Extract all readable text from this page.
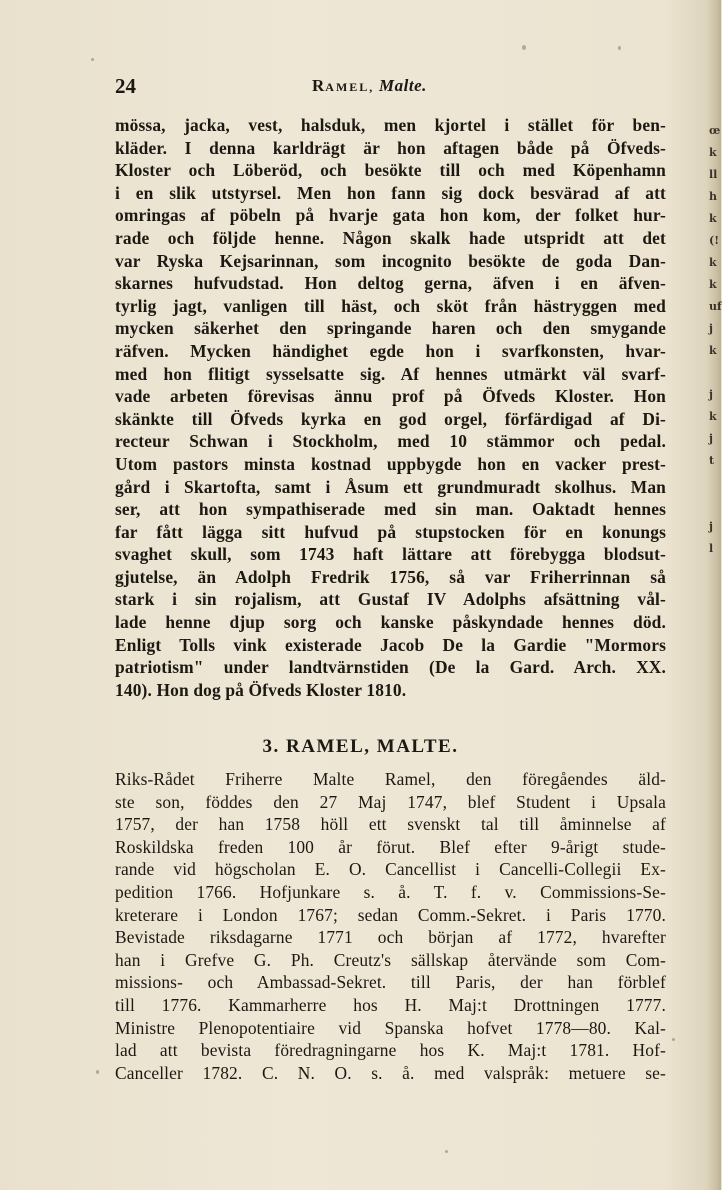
œ
k
ll
h
k
(!
k
k
uf
j
k

j
k
j
t

j
l
24	RAMEL, Malte.
mössa, jacka, vest, halsduk, men kjortel i stället för ben-
kläder. I denna karldrägt är hon aftagen både på Öfveds-
Kloster och Löberöd, och besökte till och med Köpenhamn
i en slik utstyrsel. Men hon fann sig dock besvärad af att
omringas af pöbeln på hvarje gata hon kom, der folket hur-
rade och följde henne. Någon skalk hade utspridt att det
var Ryska Kejsarinnan, som incognito besökte de goda Dan-
skarnes hufvudstad. Hon deltog gerna, äfven i en äfven-
tyrlig jagt, vanligen till häst, och sköt från hästryggen med
mycken säkerhet den springande haren och den smygande
räfven. Mycken händighet egde hon i svarfkonsten, hvar-
med hon flitigt sysselsatte sig. Af hennes utmärkt väl svarf-
vade arbeten förevisas ännu prof på Öfveds Kloster. Hon
skänkte till Öfveds kyrka en god orgel, förfärdigad af Di-
recteur Schwan i Stockholm, med 10 stämmor och pedal.
Utom pastors minsta kostnad uppbygde hon en vacker prest-
gård i Skartofta, samt i Åsum ett grundmuradt skolhus. Man
ser, att hon sympathiserade med sin man. Oaktadt hennes
far fått lägga sitt hufvud på stupstocken för en konungs
svaghet skull, som 1743 haft lättare att förebygga blodsut-
gjutelse, än Adolph Fredrik 1756, så var Friherrinnan så
stark i sin rojalism, att Gustaf IV Adolphs afsättning vål-
lade henne djup sorg och kanske påskyndade hennes död.
Enligt Tolls vink existerade Jacob De la Gardie "Mormors
patriotism" under landtvärnstiden (De la Gard. Arch. XX.
140). Hon dog på Öfveds Kloster 1810.
3. RAMEL, MALTE.
Riks-Rådet Friherre Malte Ramel, den föregåendes äld-
ste son, föddes den 27 Maj 1747, blef Student i Upsala
1757, der han 1758 höll ett svenskt tal till åminnelse af
Roskildska freden 100 år förut. Blef efter 9-årigt stude-
rande vid högscholan E. O. Cancellist i Cancelli-Collegii Ex-
pedition 1766. Hofjunkare s. å. T. f. v. Commissions-Se-
kreterare i London 1767; sedan Comm.-Sekret. i Paris 1770.
Bevistade riksdagarne 1771 och början af 1772, hvarefter
han i Grefve G. Ph. Creutz's sällskap återvände som Com-
missions- och Ambassad-Sekret. till Paris, der han förblef
till 1776. Kammarherre hos H. Maj:t Drottningen 1777.
Ministre Plenopotentiaire vid Spanska hofvet 1778—80. Kal-
lad att bevista föredragningarne hos K. Maj:t 1781. Hof-
Canceller 1782. C. N. O. s. å. med valspråk: metuere se-
